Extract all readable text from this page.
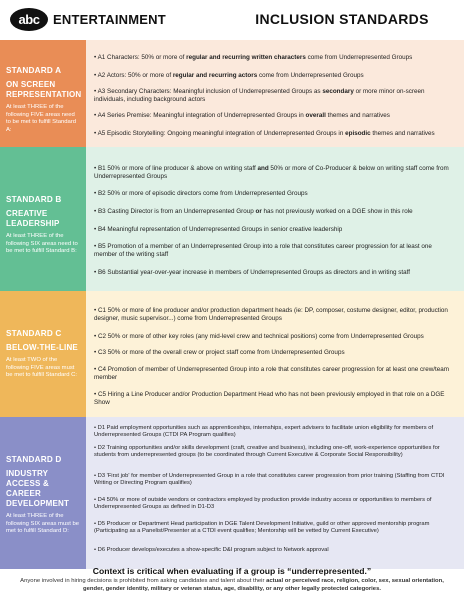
abc	ENTERTAINMENT	INCLUSION STANDARDS
STANDARD A
ON SCREEN REPRESENTATION
At least THREE of the following FIVE areas need to be met to fulfill Standard A:
• A1 Characters: 50% or more of regular and recurring written characters come from Underrepresented Groups
• A2 Actors: 50% or more of regular and recurring actors come from Underrepresented Groups
• A3 Secondary Characters: Meaningful inclusion of Underrepresented Groups as secondary or more minor on-screen individuals, including background actors
• A4 Series Premise: Meaningful integration of Underrepresented Groups in overall themes and narratives
• A5 Episodic Storytelling: Ongoing meaningful integration of Underrepresented Groups in episodic themes and narratives
STANDARD B
CREATIVE LEADERSHIP
At least THREE of the following SIX areas need to be met to fulfill Standard B:
• B1 50% or more of line producer & above on writing staff and 50% or more of Co-Producer & below on writing staff come from Underrepresented Groups
• B2 50% or more of episodic directors come from Underrepresented Groups
• B3 Casting Director is from an Underrepresented Group or has not previously worked on a DGE show in this role
• B4 Meaningful representation of Underrepresented Groups in senior creative leadership
• B5 Promotion of a member of an Underrepresented Group into a role that constitutes career progression for at least one member of the writing staff
• B6 Substantial year-over-year increase in members of Underrepresented Groups as directors and in writing staff
STANDARD C
BELOW-THE-LINE
At least TWO of the following FIVE areas must be met to fulfill Standard C:
• C1 50% or more of line producer and/or production department heads (ie: DP, composer, costume designer, editor, production designer, music supervisor...) come from Underrepresented Groups
• C2 50% or more of other key roles (any mid-level crew and technical positions) come from Underrepresented Groups
• C3 50% or more of the overall crew or project staff come from Underrepresented Groups
• C4 Promotion of member of Underrepresented Group into a role that constitutes career progression for at least one crew/team member
• C5 Hiring a Line Producer and/or Production Department Head who has not been previously employed in that role on a DGE Show
STANDARD D
INDUSTRY ACCESS & CAREER DEVELOPMENT
At least THREE of the following SIX areas must be met to fulfill Standard D:
• D1 Paid employment opportunities such as apprenticeships, internships, expert advisers to facilitate union eligibility for members of Underrepresented Groups (CTDI PA Program qualifies)
• D2 Training opportunities and/or skills development (craft, creative and business), including one-off, work-experience opportunities for students from underrepresented groups (to be coordinated through Current Executive & Corporate Social Responsibility)
• D3 'First job' for member of Underrepresented Group in a role that constitutes career progression from prior training (Staffing from CTDI Writing or Directing Program qualifies)
• D4 50% or more of outside vendors or contractors employed by production provide industry access or opportunities to members of Underrepresented Groups as defined in D1-D3
• D5 Producer or Department Head participation in DGE Talent Development Initiative, guild or other approved mentorship program (Participating as a Panelist/Presenter at a CTDI event qualifies; Mentorship will be vetted by Current Executive)
• D6 Producer develops/executes a show-specific D&I program subject to Network approval
Context is critical when evaluating if a group is “underrepresented.”
Anyone involved in hiring decisions is prohibited from asking candidates and talent about their actual or perceived race, religion, color, sex, sexual orientation, gender, gender identity, military or veteran status, age, disability, or any other legally protected categories.
